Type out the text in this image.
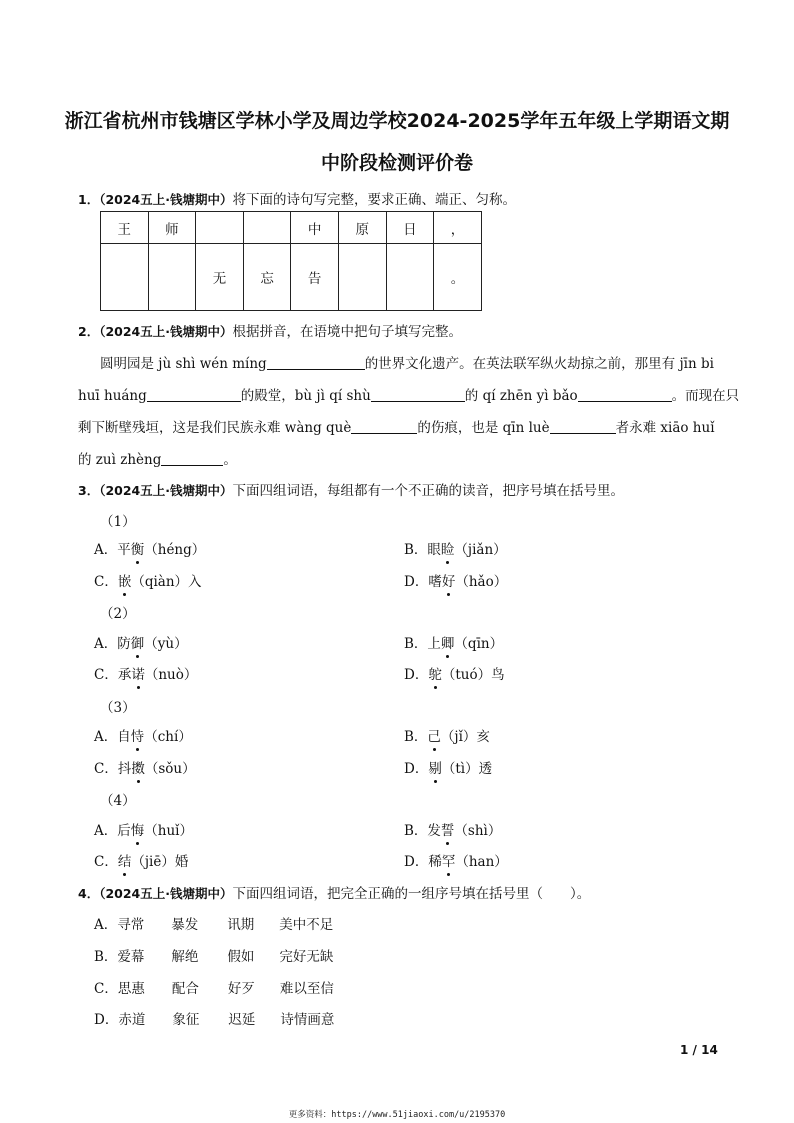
浙江省杭州市钱塘区学林小学及周边学校2024-2025学年五年级上学期语文期
中阶段检测评价卷
1．（2024五上·钱塘期中）将下面的诗句写完整，要求正确、端正、匀称。
王	师			中	原	日	，
		无	忘	告			。
2．（2024五上·钱塘期中）根据拼音，在语境中把句子填写完整。
圆明园是 jù shì wén míng	的世界文化遗产。在英法联军纵火劫掠之前，那里有 jīn bi
huī huáng	的殿堂，bù jì qí shù	的 qí zhēn yì bǎo	。而现在只
剩下断壁残垣，这是我们民族永难 wàng què	的伤痕，也是 qīn luè	者永难 xiāo huǐ
的 zuì zhèng	。
3．（2024五上·钱塘期中）下面四组词语，每组都有一个不正确的读音，把序号填在括号里。
（1）
A．平衡（héng）	B．眼睑（jiǎn）
C．嵌（qiàn）入	D．嗜好（hǎo）
（2）
A．防御（yù）	B．上卿（qīn）
C．承诺（nuò）	D．鸵（tuó）鸟
（3）
A．自恃（chí）	B．己（jǐ）亥
C．抖擞（sǒu）	D．剔（tì）透
（4）
A．后悔（huǐ）	B．发誓（shì）
C．结（jiē）婚	D．稀罕（han）
4．（2024五上·钱塘期中）下面四组词语，把完全正确的一组序号填在括号里（　　）。
A．寻常 暴发 讯期 美中不足
B．爱幕 解绝 假如 完好无缺
C．思惠 配合 好歹 难以至信
D．赤道 象征 迟延 诗情画意
1 / 14
更多资料：https://www.51jiaoxi.com/u/2195370
